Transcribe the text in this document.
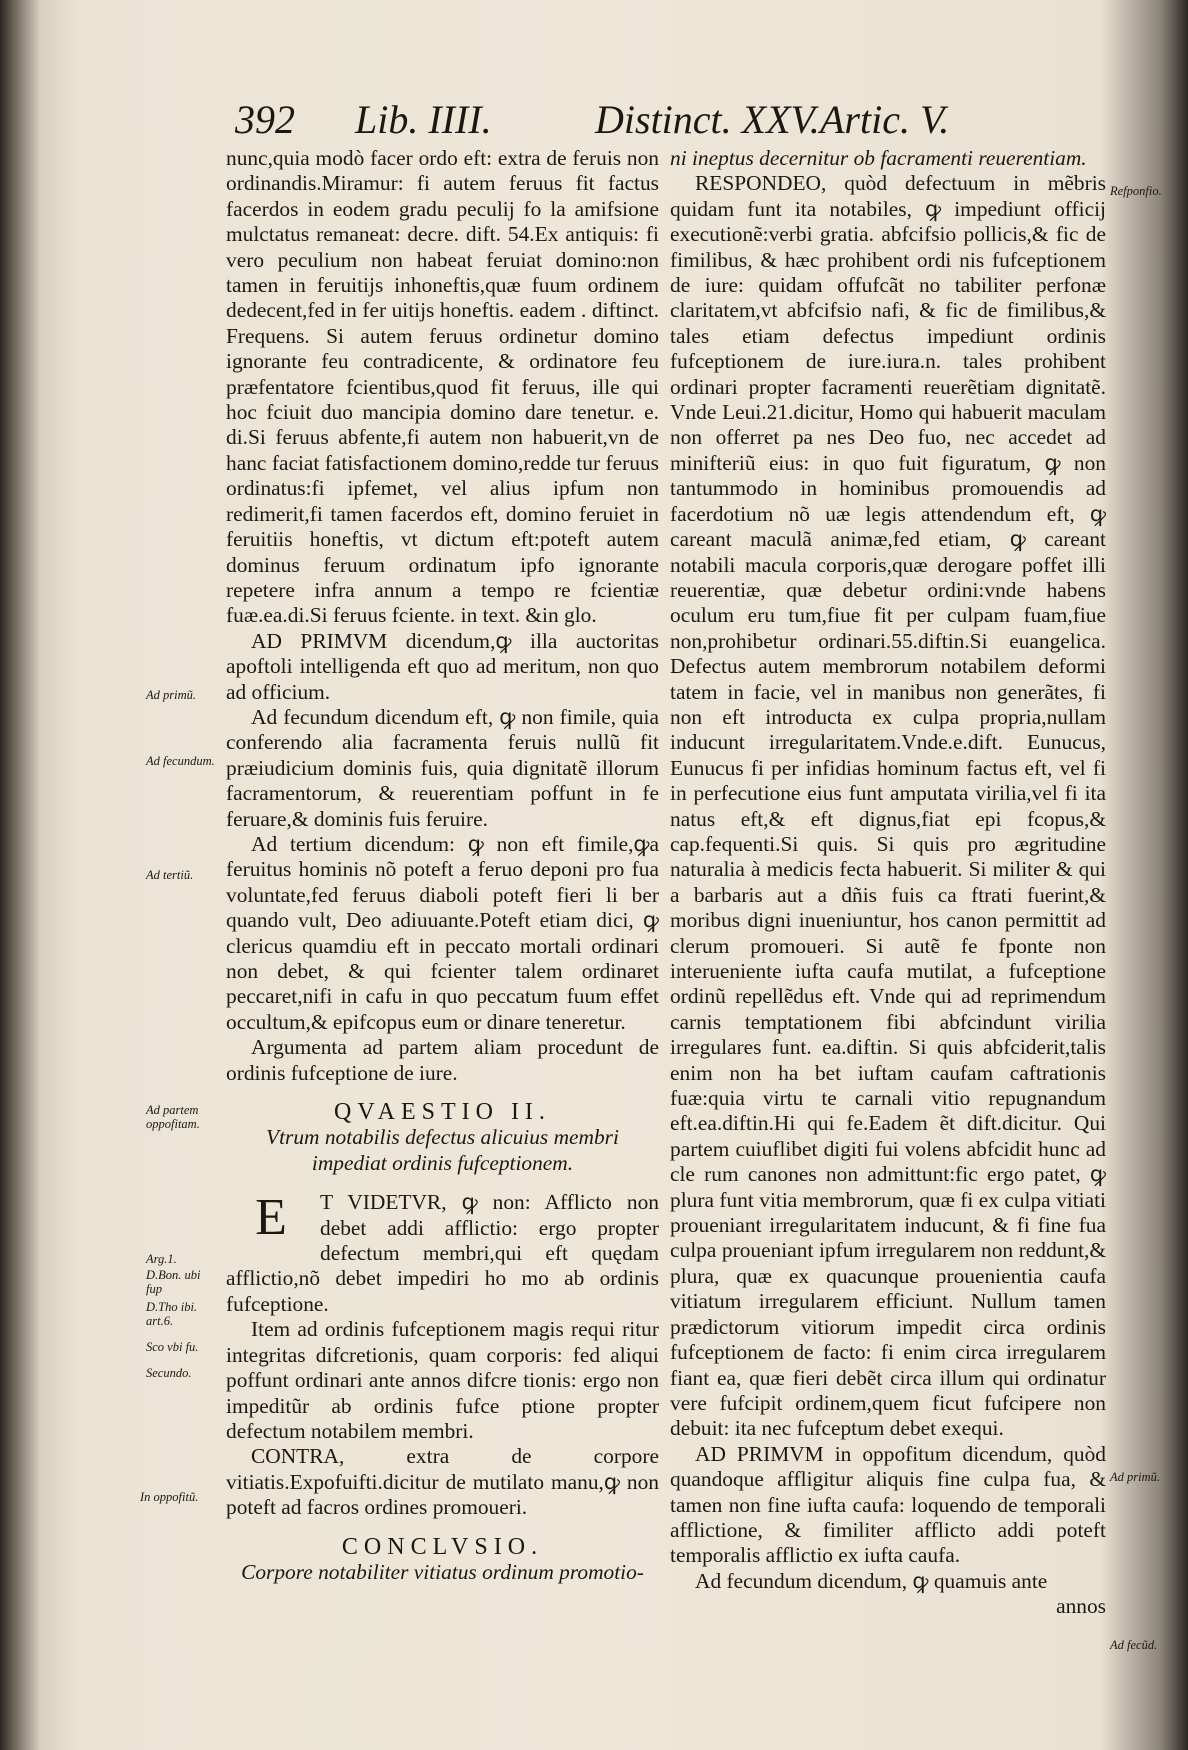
392 Lib. IIII.	Distinct. XXV. Artic. V.

nunc,quia modò facer ordo eft: extra de feruis non ordinandis.Miramur: fi autem feruus fit factus facerdos in eodem gradu peculij fo la amifsione mulctatus remaneat: decre. dift. 54.Ex antiquis: fi vero peculium non habeat feruiat domino:non tamen in feruitijs inhoneftis,quæ fuum ordinem dedecent,fed in fer uitijs honeftis. eadem . diftinct. Frequens. Si autem feruus ordinetur domino ignorante feu contradicente, & ordinatore feu præfentatore fcientibus,quod fit feruus, ille qui hoc fciuit duo mancipia domino dare tenetur. e. di.Si feruus abfente,fi autem non habuerit,vn de hanc faciat fatisfactionem domino,redde tur feruus ordinatus:fi ipfemet, vel alius ipfum non redimerit,fi tamen facerdos eft, domino feruiet in feruitiis honeftis, vt dictum eft:poteft autem dominus feruum ordinatum ipfo ignorante repetere infra annum a tempo re fcientiæ fuæ.ea.di.Si feruus fciente. in text. &in glo.

AD PRIMVM dicendum,ꝙ illa auctoritas apoftoli intelligenda eft quo ad meritum, non quo ad officium.

Ad fecundum dicendum eft, ꝙ non fimile, quia conferendo alia facramenta feruis nullũ fit præiudicium dominis fuis, quia dignitatẽ illorum facramentorum, & reuerentiam poffunt in fe feruare,& dominis fuis feruire.

Ad tertium dicendum: ꝙ non eft fimile,ꝙa feruitus hominis nõ poteft a feruo deponi pro fua voluntate,fed feruus diaboli poteft fieri li ber quando vult, Deo adiuuante.Poteft etiam dici, ꝙ clericus quamdiu eft in peccato mortali ordinari non debet, & qui fcienter talem ordinaret peccaret,nifi in cafu in quo peccatum fuum effet occultum,& epifcopus eum or dinare teneretur.

Argumenta ad partem aliam procedunt de ordinis fufceptione de iure.

QVAESTIO II.

Vtrum notabilis defectus alicuius membri impediat ordinis fufceptionem.

E	T VIDETVR, ꝙ non: Afflicto non debet addi afflictio: ergo propter defectum membri,qui eft quędam afflictio,nõ debet impediri ho mo ab ordinis fufceptione.

Item ad ordinis fufceptionem magis requi ritur integritas difcretionis, quam corporis: fed aliqui poffunt ordinari ante annos difcre tionis: ergo non impeditũr ab ordinis fufce ptione propter defectum notabilem membri.

CONTRA, extra de corpore vitiatis.Expofuifti.dicitur de mutilato manu,ꝙ non poteft ad facros ordines promoueri.

CONCLVSIO.

Corpore notabiliter vitiatus ordinum promotio-

ni ineptus decernitur ob facramenti reuerentiam.

RESPONDEO, quòd defectuum in mẽbris quidam funt ita notabiles, ꝙ impediunt officij executionẽ:verbi gratia. abfcifsio pollicis,& fic de fimilibus, & hæc prohibent ordi nis fufceptionem de iure: quidam offufcãt no tabiliter perfonæ claritatem,vt abfcifsio nafi, & fic de fimilibus,& tales etiam defectus impediunt ordinis fufceptionem de iure.iura.n. tales prohibent ordinari propter facramenti reuerẽtiam dignitatẽ. Vnde Leui.21.dicitur, Homo qui habuerit maculam non offerret pa nes Deo fuo, nec accedet ad minifteriũ eius: in quo fuit figuratum, ꝙ non tantummodo in hominibus promouendis ad facerdotium nõ uæ legis attendendum eft, ꝙ careant maculã animæ,fed etiam, ꝙ careant notabili macula corporis,quæ derogare poffet illi reuerentiæ, quæ debetur ordini:vnde habens oculum eru tum,fiue fit per culpam fuam,fiue non,prohibetur ordinari.55.diftin.Si euangelica. Defectus autem membrorum notabilem deformi tatem in facie, vel in manibus non generãtes, fi non eft introducta ex culpa propria,nullam inducunt irregularitatem.Vnde.e.dift. Eunucus, Eunucus fi per infidias hominum factus eft, vel fi in perfecutione eius funt amputata virilia,vel fi ita natus eft,& eft dignus,fiat epi fcopus,& cap.fequenti.Si quis. Si quis pro ægritudine naturalia à medicis fecta habuerit. Si militer & qui a barbaris aut a dñis fuis ca ftrati fuerint,& moribus digni inueniuntur, hos canon permittit ad clerum promoueri. Si autẽ fe fponte non interueniente iufta caufa mutilat, a fufceptione ordinũ repellẽdus eft. Vnde qui ad reprimendum carnis temptationem fibi abfcindunt virilia irregulares funt. ea.diftin. Si quis abfciderit,talis enim non ha bet iuftam caufam caftrationis fuæ:quia virtu te carnali vitio repugnandum eft.ea.diftin.Hi qui fe.Eadem ẽt dift.dicitur. Qui partem cuiuflibet digiti fui volens abfcidit hunc ad cle rum canones non admittunt:fic ergo patet, ꝙ plura funt vitia membrorum, quæ fi ex culpa vitiati proueniant irregularitatem inducunt, & fi fine fua culpa proueniant ipfum irregularem non reddunt,& plura, quæ ex quacunque prouenientia caufa vitiatum irregularem efficiunt. Nullum tamen prædictorum vitiorum impedit circa ordinis fufceptionem de facto: fi enim circa irregularem fiant ea, quæ fieri debẽt circa illum qui ordinatur vere fufcipit ordinem,quem ficut fufcipere non debuit: ita nec fufceptum debet exequi.

AD PRIMVM in oppofitum dicendum, quòd quandoque affligitur aliquis fine culpa fua, & tamen non fine iufta caufa: loquendo de temporali afflictione, & fimiliter afflicto addi poteft temporalis afflictio ex iufta caufa.

Ad fecundum dicendum, ꝙ quamuis ante

annos

Ad primũ.
Ad fecundum.
Ad tertiũ.
Ad partem oppofitam.
Arg.1.
D.Bon. ubi fup
D.Tho ibi. art.6.
Sco vbi fu.
Secundo.
In oppofitũ.
Refponfio.
Ad primũ.
Ad fecũd.
